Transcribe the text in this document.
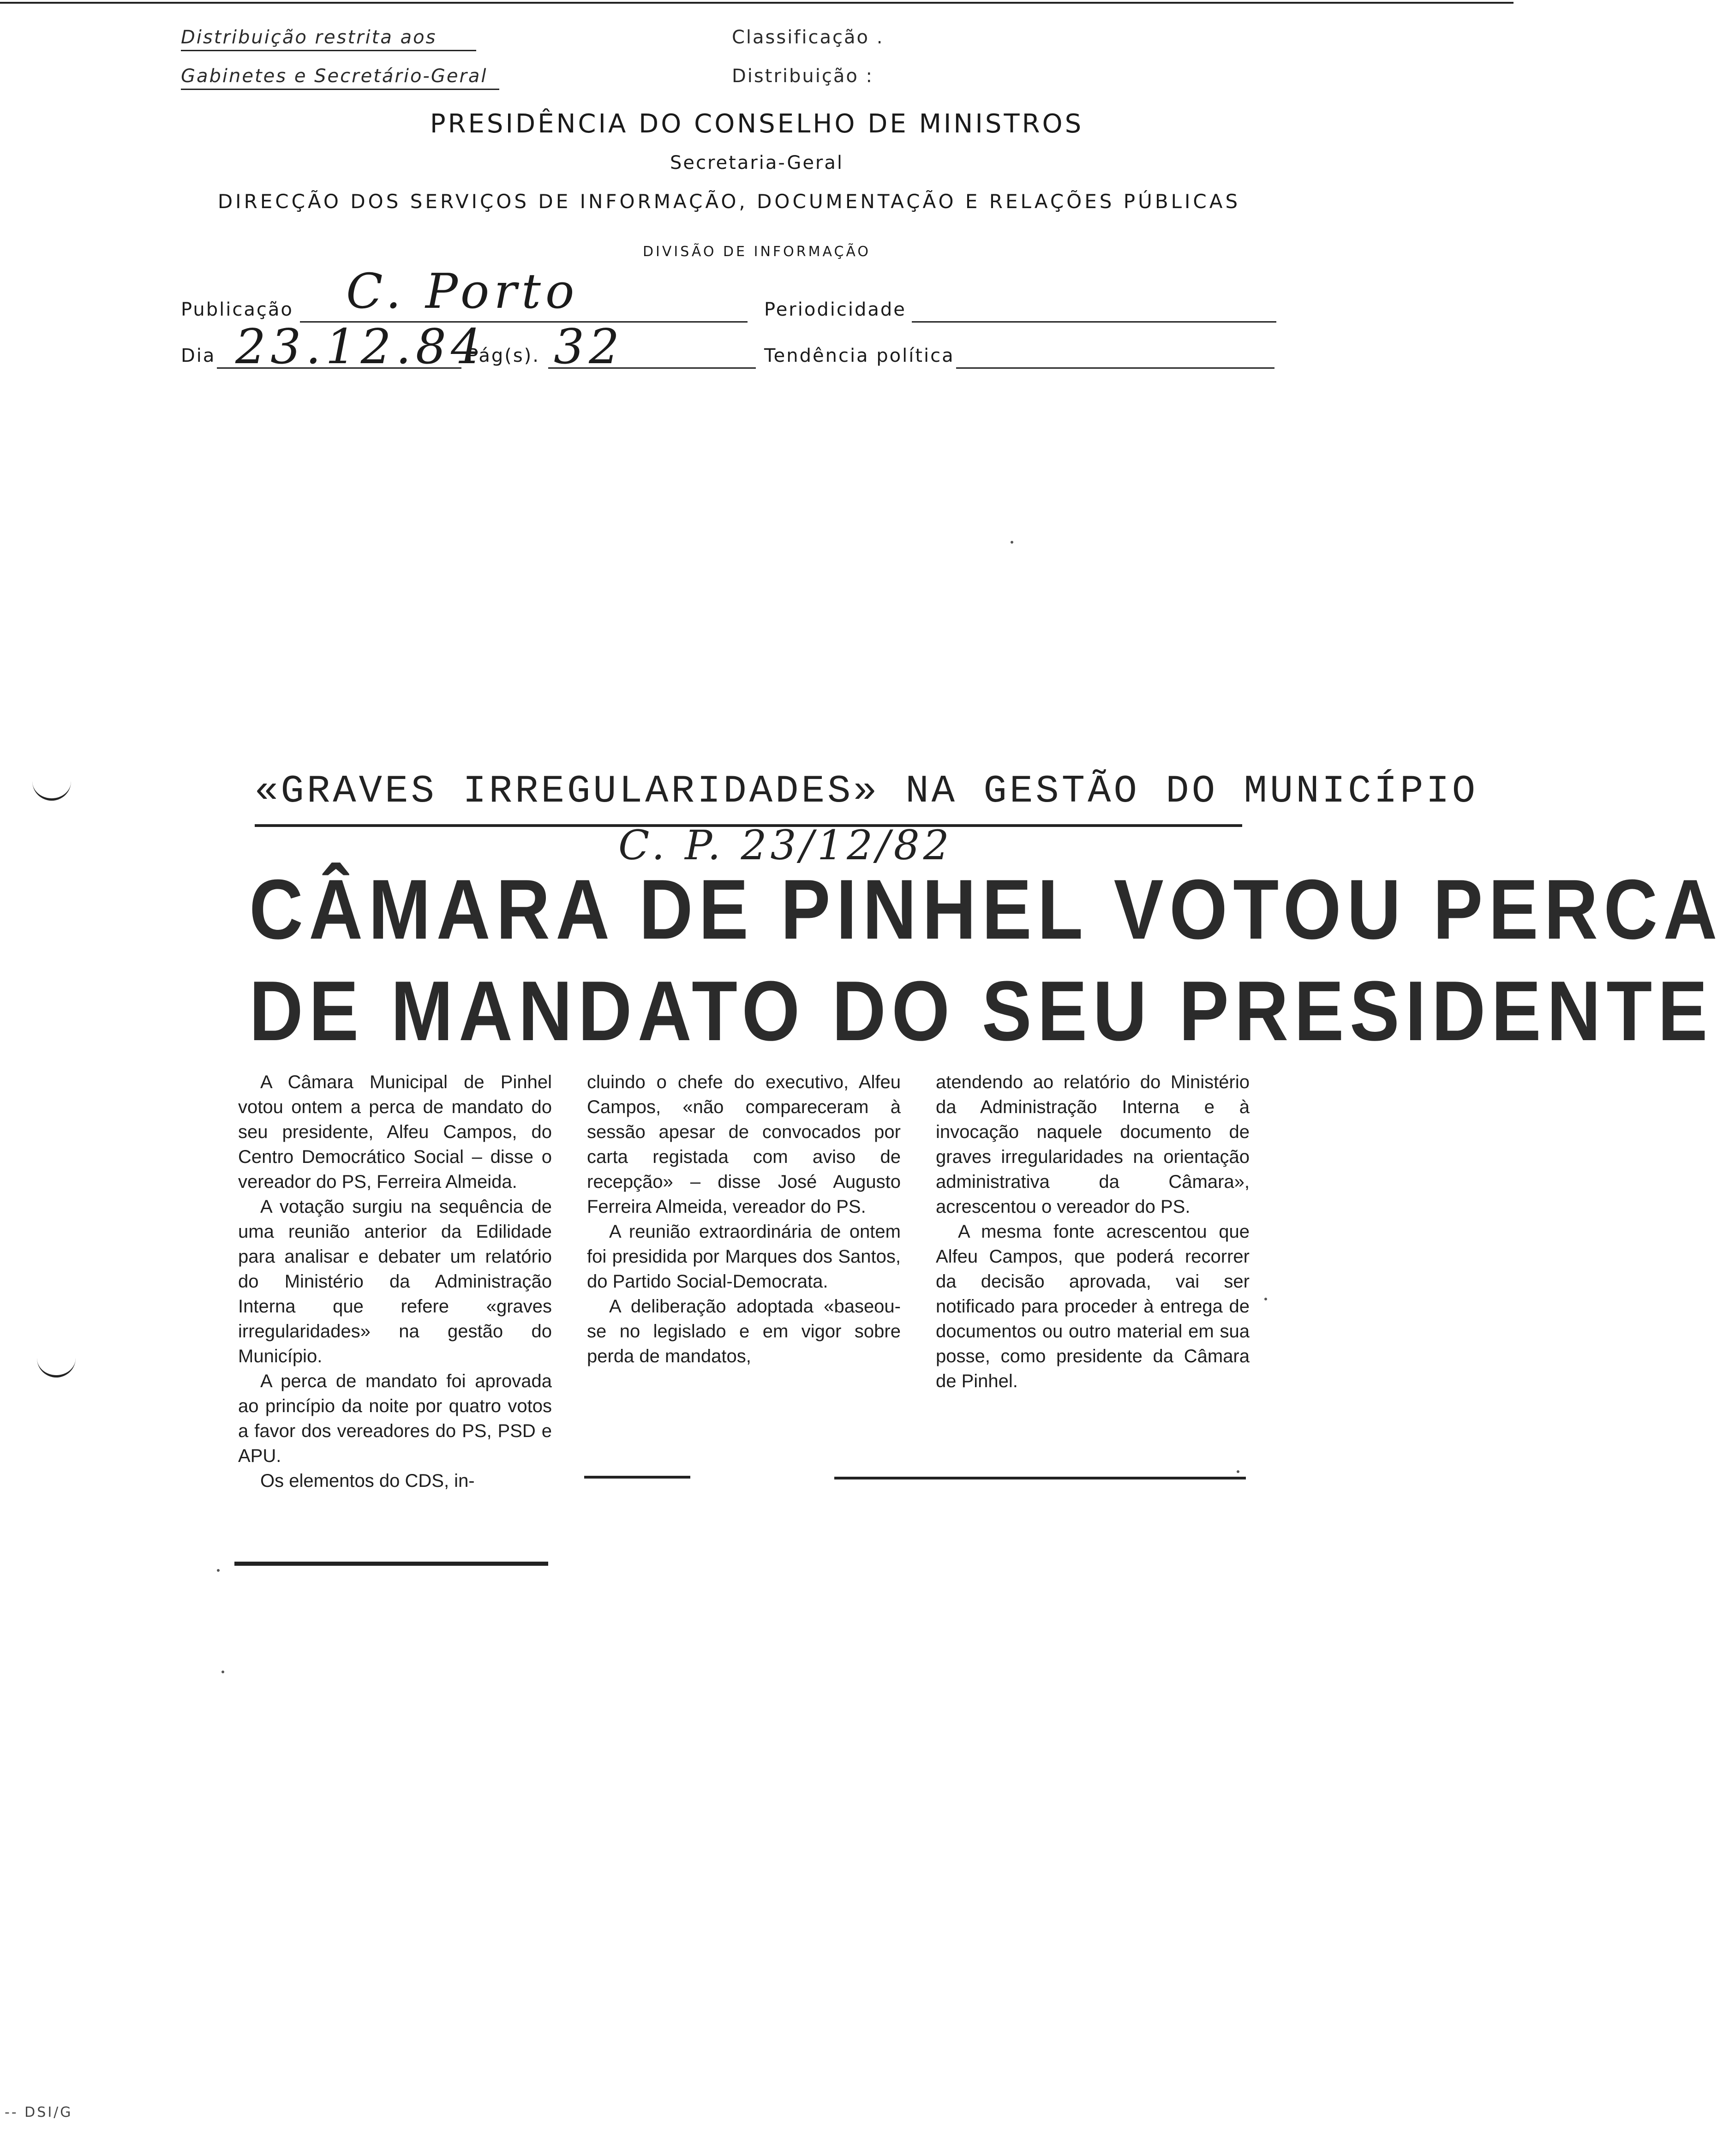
Distribuição restrita aos
Gabinetes e Secretário-Geral
Classificação .
Distribuição :
PRESIDÊNCIA DO CONSELHO DE MINISTROS
Secretaria-Geral
DIRECÇÃO DOS SERVIÇOS DE INFORMAÇÃO, DOCUMENTAÇÃO E RELAÇÕES PÚBLICAS
DIVISÃO DE INFORMAÇÃO
Publicação C. Porto	Periodicidade
Dia 23.12.84
Pág(s). 32	Tendência política
«GRAVES IRREGULARIDADES» NA GESTÃO DO MUNICÍPIO
C. P. 23/12/82
CÂMARA DE PINHEL VOTOU PERCA
DE MANDATO DO SEU PRESIDENTE

A Câmara Municipal de Pinhel votou ontem a perca de mandato do seu presidente, Alfeu Campos, do Centro Democrático Social – disse o vereador do PS, Ferreira Almeida.

A votação surgiu na sequência de uma reunião anterior da Edilidade para analisar e debater um relatório do Ministério da Administração Interna que refere «graves irregularidades» na gestão do Município.

A perca de mandato foi aprovada ao princípio da noite por quatro votos a favor dos vereadores do PS, PSD e APU.

Os elementos do CDS, in-

cluindo o chefe do executivo, Alfeu Campos, «não compareceram à sessão apesar de convocados por carta registada com aviso de recepção» – disse José Augusto Ferreira Almeida, vereador do PS.

A reunião extraordinária de ontem foi presidida por Marques dos Santos, do Partido Social-Democrata.

A deliberação adoptada «baseou-se no legislado e em vigor sobre perda de mandatos,

atendendo ao relatório do Ministério da Administração Interna e à invocação naquele documento de graves irregularidades na orientação administrativa da Câmara», acrescentou o vereador do PS.

A mesma fonte acrescentou que Alfeu Campos, que poderá recorrer da decisão aprovada, vai ser notificado para proceder à entrega de documentos ou outro material em sua posse, como presidente da Câmara de Pinhel.

-- DSI/G
